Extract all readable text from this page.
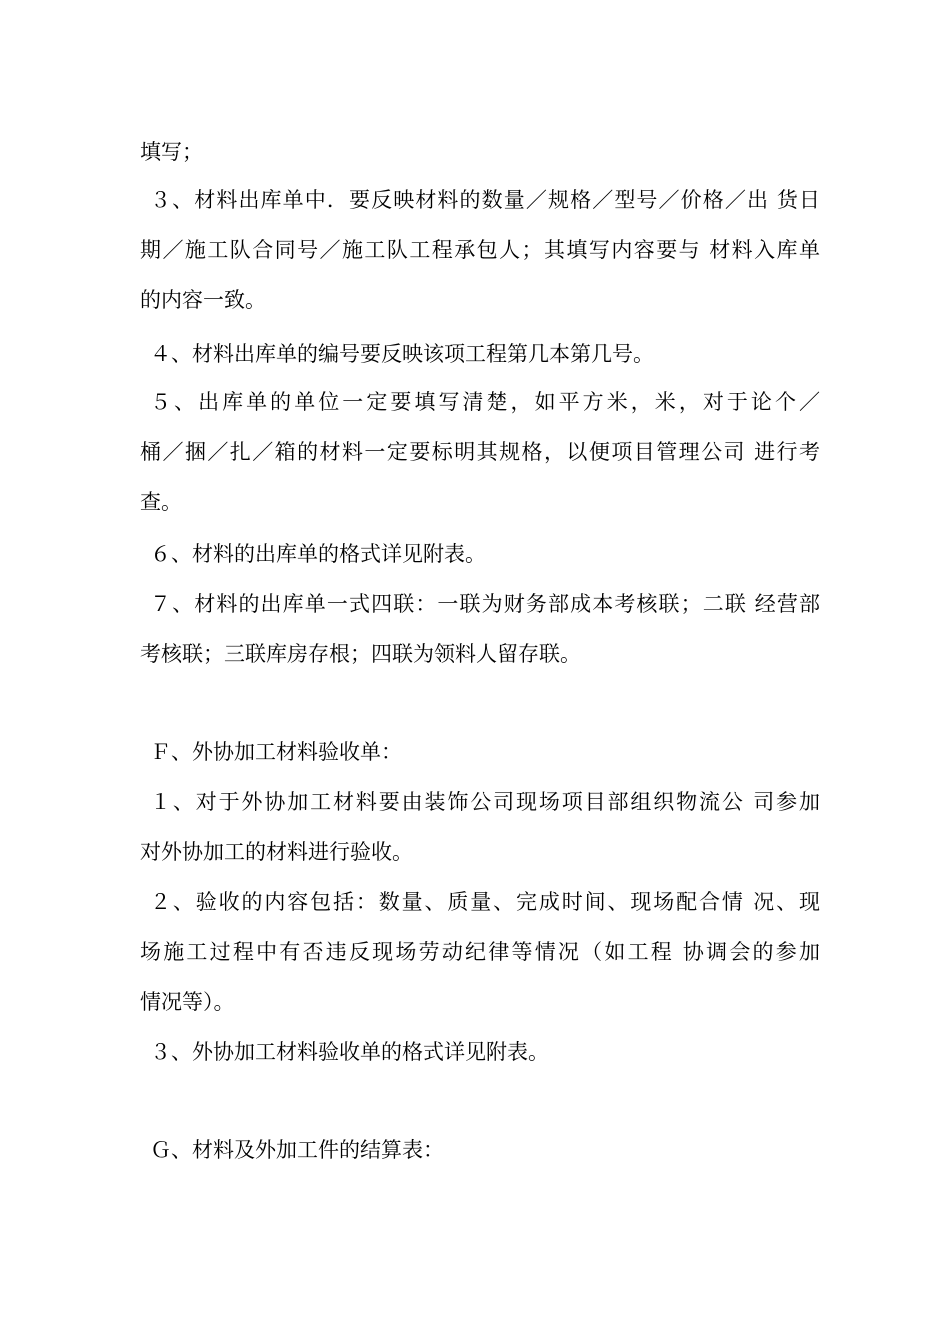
填写；
３、材料出库单中．要反映材料的数量／规格／型号／价格／出 货日
期／施工队合同号／施工队工程承包人；其填写内容要与 材料入库单
的内容一致。
４、材料出库单的编号要反映该项工程第几本第几号。
５、出库单的单位一定要填写清楚，如平方米，米，对于论个／
桶／捆／扎／箱的材料一定要标明其规格，以便项目管理公司 进行考
查。
６、材料的出库单的格式详见附表。
７、材料的出库单一式四联：一联为财务部成本考核联；二联 经营部
考核联；三联库房存根；四联为领料人留存联。
Ｆ、外协加工材料验收单：
１、对于外协加工材料要由装饰公司现场项目部组织物流公 司参加
对外协加工的材料进行验收。
２、验收的内容包括：数量、质量、完成时间、现场配合情 况、现
场施工过程中有否违反现场劳动纪律等情况（如工程 协调会的参加
情况等）。
３、外协加工材料验收单的格式详见附表。
Ｇ、材料及外加工件的结算表：
